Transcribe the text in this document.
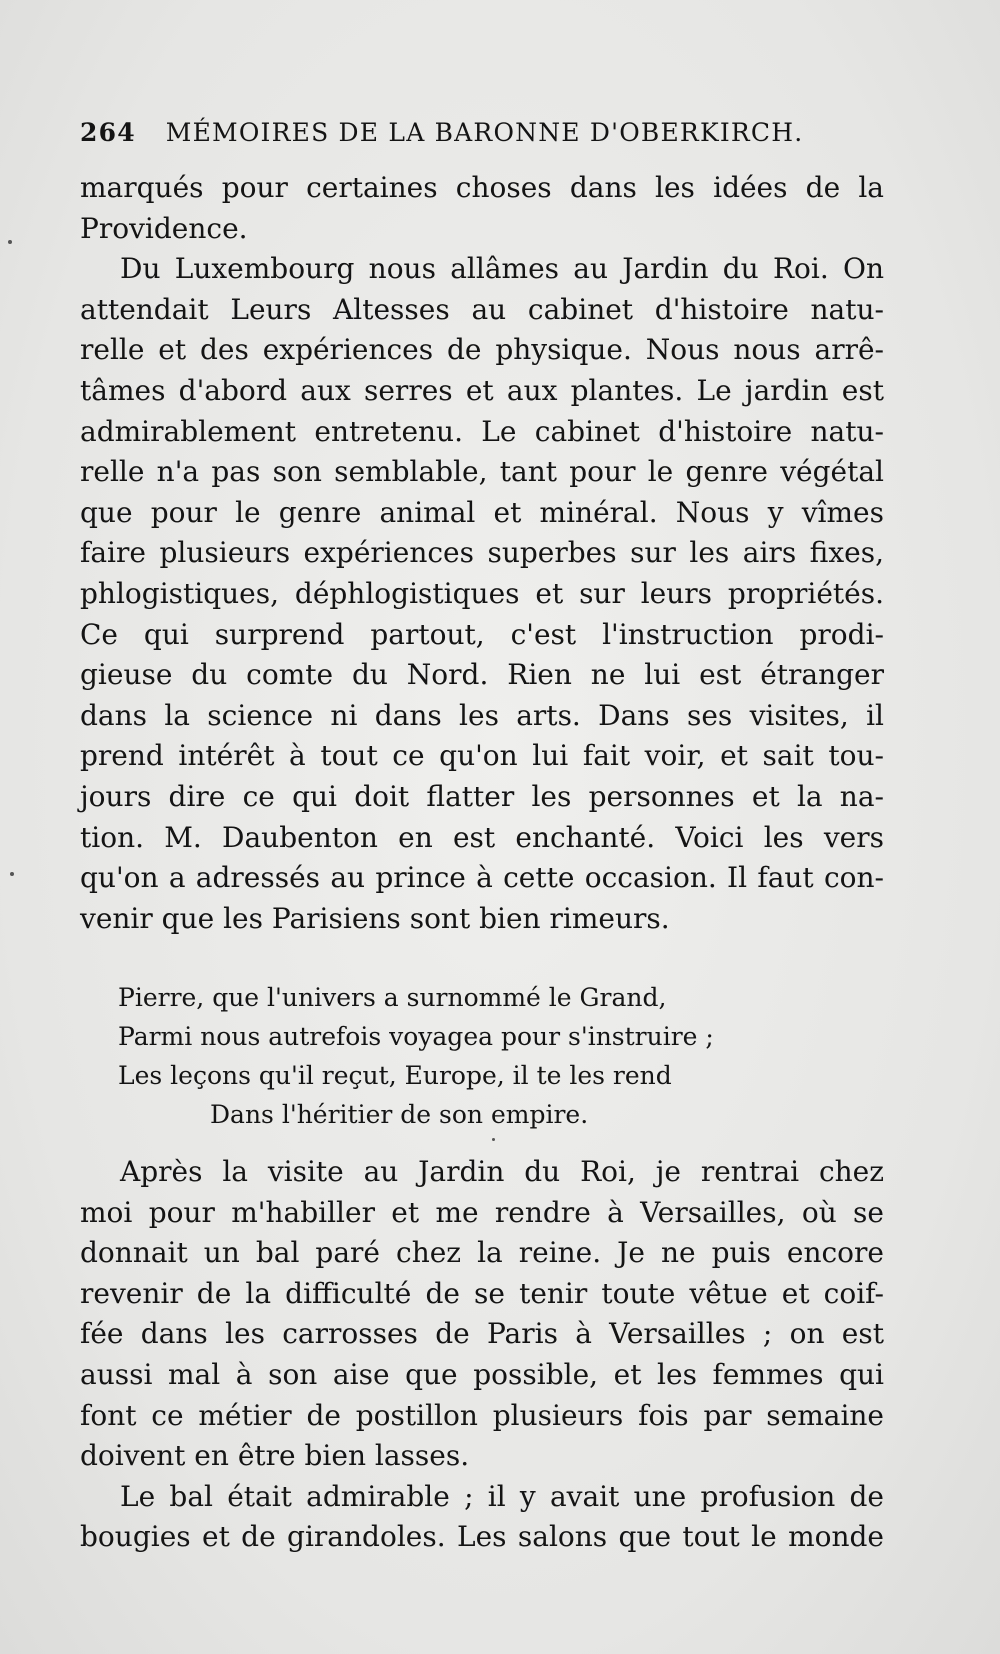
264 MÉMOIRES DE LA BARONNE D'OBERKIRCH.
marqués pour certaines choses dans les idées de la
Providence.
Du Luxembourg nous allâmes au Jardin du Roi. On
attendait Leurs Altesses au cabinet d'histoire natu-
relle et des expériences de physique. Nous nous arrê-
tâmes d'abord aux serres et aux plantes. Le jardin est
admirablement entretenu. Le cabinet d'histoire natu-
relle n'a pas son semblable, tant pour le genre végétal
que pour le genre animal et minéral. Nous y vîmes
faire plusieurs expériences superbes sur les airs fixes,
phlogistiques, déphlogistiques et sur leurs propriétés.
Ce qui surprend partout, c'est l'instruction prodi-
gieuse du comte du Nord. Rien ne lui est étranger
dans la science ni dans les arts. Dans ses visites, il
prend intérêt à tout ce qu'on lui fait voir, et sait tou-
jours dire ce qui doit flatter les personnes et la na-
tion. M. Daubenton en est enchanté. Voici les vers
qu'on a adressés au prince à cette occasion. Il faut con-
venir que les Parisiens sont bien rimeurs.
Pierre, que l'univers a surnommé le Grand,
Parmi nous autrefois voyagea pour s'instruire ;
Les leçons qu'il reçut, Europe, il te les rend
Dans l'héritier de son empire.
Après la visite au Jardin du Roi, je rentrai chez
moi pour m'habiller et me rendre à Versailles, où se
donnait un bal paré chez la reine. Je ne puis encore
revenir de la difficulté de se tenir toute vêtue et coif-
fée dans les carrosses de Paris à Versailles ; on est
aussi mal à son aise que possible, et les femmes qui
font ce métier de postillon plusieurs fois par semaine
doivent en être bien lasses.
Le bal était admirable ; il y avait une profusion de
bougies et de girandoles. Les salons que tout le monde
